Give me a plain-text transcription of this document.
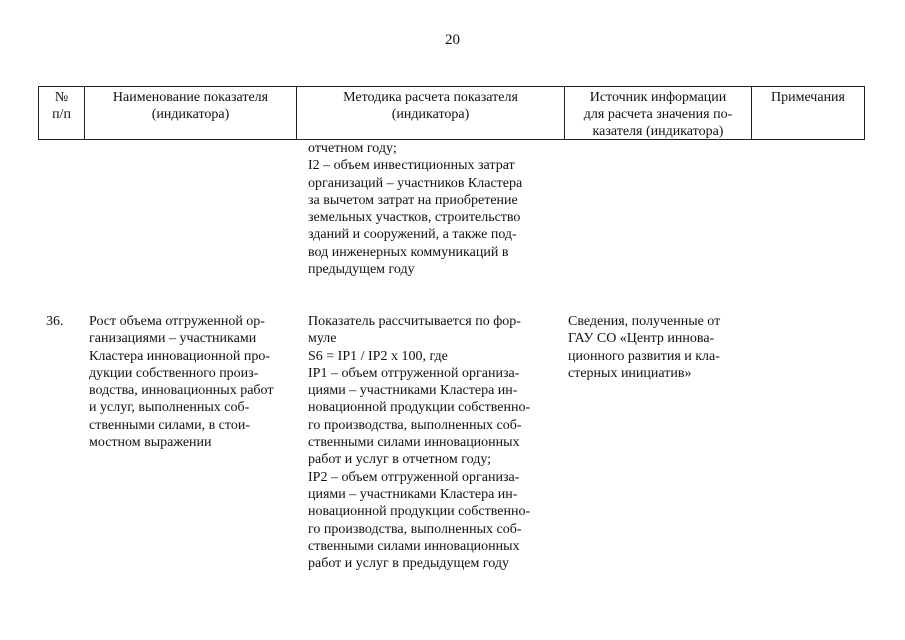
20
№
п/п
Наименование показателя
(индикатора)
Методика расчета показателя
(индикатора)
Источник информации
для расчета значения по-
казателя (индикатора)
Примечания
отчетном году;
I2 – объем инвестиционных затрат
организаций – участников Кластера
за вычетом затрат на приобретение
земельных участков, строительство
зданий и сооружений, а также под-
вод инженерных коммуникаций в
предыдущем году
36. Рост объема отгруженной ор-
ганизациями – участниками
Кластера инновационной про-
дукции собственного произ-
водства, инновационных работ
и услуг, выполненных соб-
ственными силами, в стои-
мостном выражении
Показатель рассчитывается по фор-
муле
S6 = IP1 / IP2 x 100, где
IP1 – объем отгруженной организа-
циями – участниками Кластера ин-
новационной продукции собственно-
го производства, выполненных соб-
ственными силами инновационных
работ и услуг в отчетном году;
IP2 – объем отгруженной организа-
циями – участниками Кластера ин-
новационной продукции собственно-
го производства, выполненных соб-
ственными силами инновационных
работ и услуг в предыдущем году
Сведения, полученные от
ГАУ СО «Центр иннова-
ционного развития и кла-
стерных инициатив»
